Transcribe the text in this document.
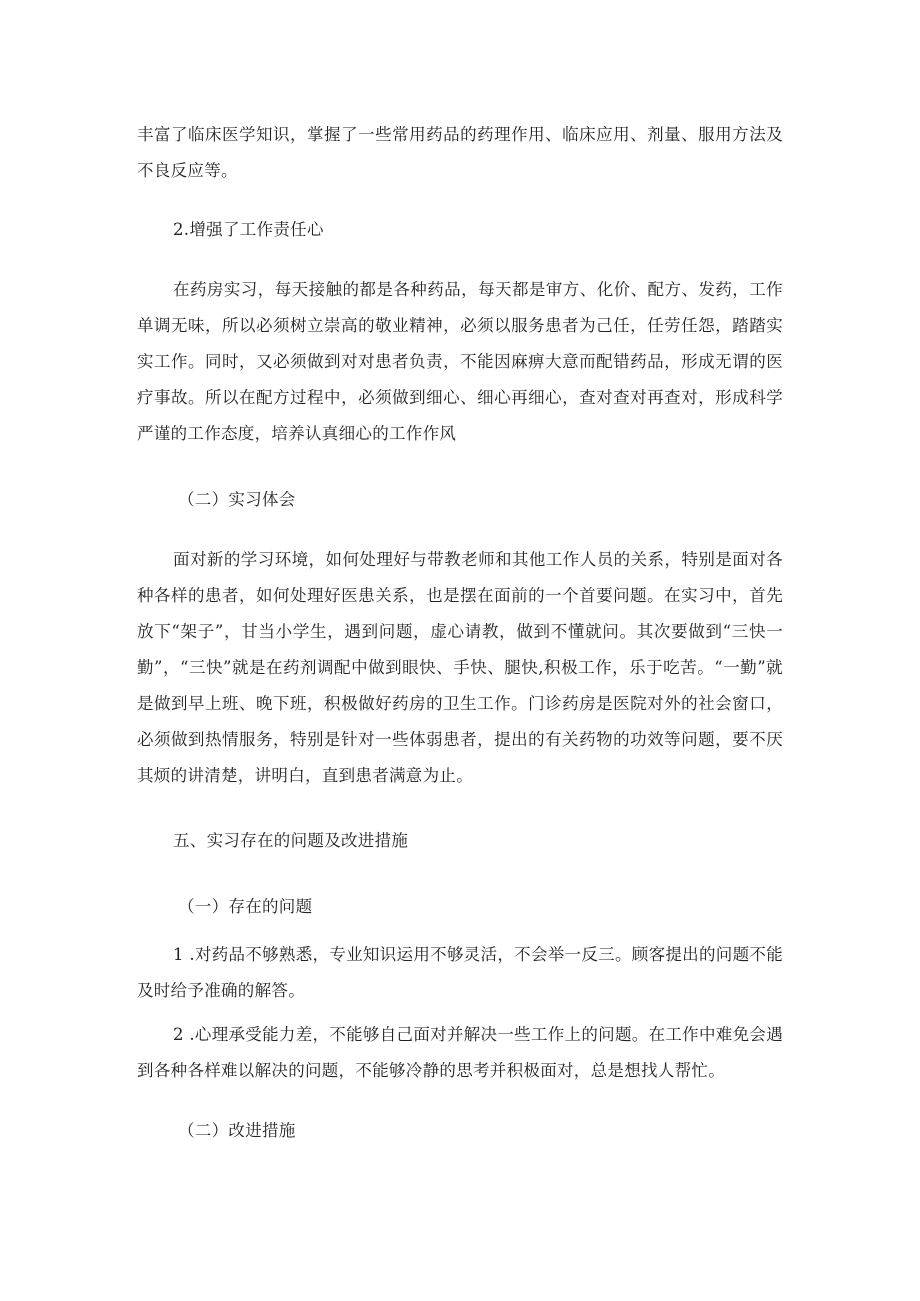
丰富了临床医学知识，掌握了一些常用药品的药理作用、临床应用、剂量、服用方法及不良反应等。

2.增强了工作责任心

在药房实习，每天接触的都是各种药品，每天都是审方、化价、配方、发药，工作单调无味，所以必须树立崇高的敬业精神，必须以服务患者为己任，任劳任怨，踏踏实实工作。同时，又必须做到对对患者负责，不能因麻痹大意而配错药品，形成无谓的医疗事故。所以在配方过程中，必须做到细心、细心再细心，查对查对再查对，形成科学严谨的工作态度，培养认真细心的工作作风

（二）实习体会

面对新的学习环境，如何处理好与带教老师和其他工作人员的关系，特别是面对各种各样的患者，如何处理好医患关系，也是摆在面前的一个首要问题。在实习中，首先放下“架子”，甘当小学生，遇到问题，虚心请教，做到不懂就问。其次要做到“三快一勤”，“三快”就是在药剂调配中做到眼快、手快、腿快,积极工作，乐于吃苦。“一勤”就是做到早上班、晚下班，积极做好药房的卫生工作。门诊药房是医院对外的社会窗口，必须做到热情服务，特别是针对一些体弱患者，提出的有关药物的功效等问题，要不厌其烦的讲清楚，讲明白，直到患者满意为止。

五、实习存在的问题及改进措施

（一）存在的问题

1 .对药品不够熟悉，专业知识运用不够灵活，不会举一反三。顾客提出的问题不能及时给予准确的解答。

2 .心理承受能力差，不能够自己面对并解决一些工作上的问题。在工作中难免会遇到各种各样难以解决的问题，不能够冷静的思考并积极面对，总是想找人帮忙。

（二）改进措施
